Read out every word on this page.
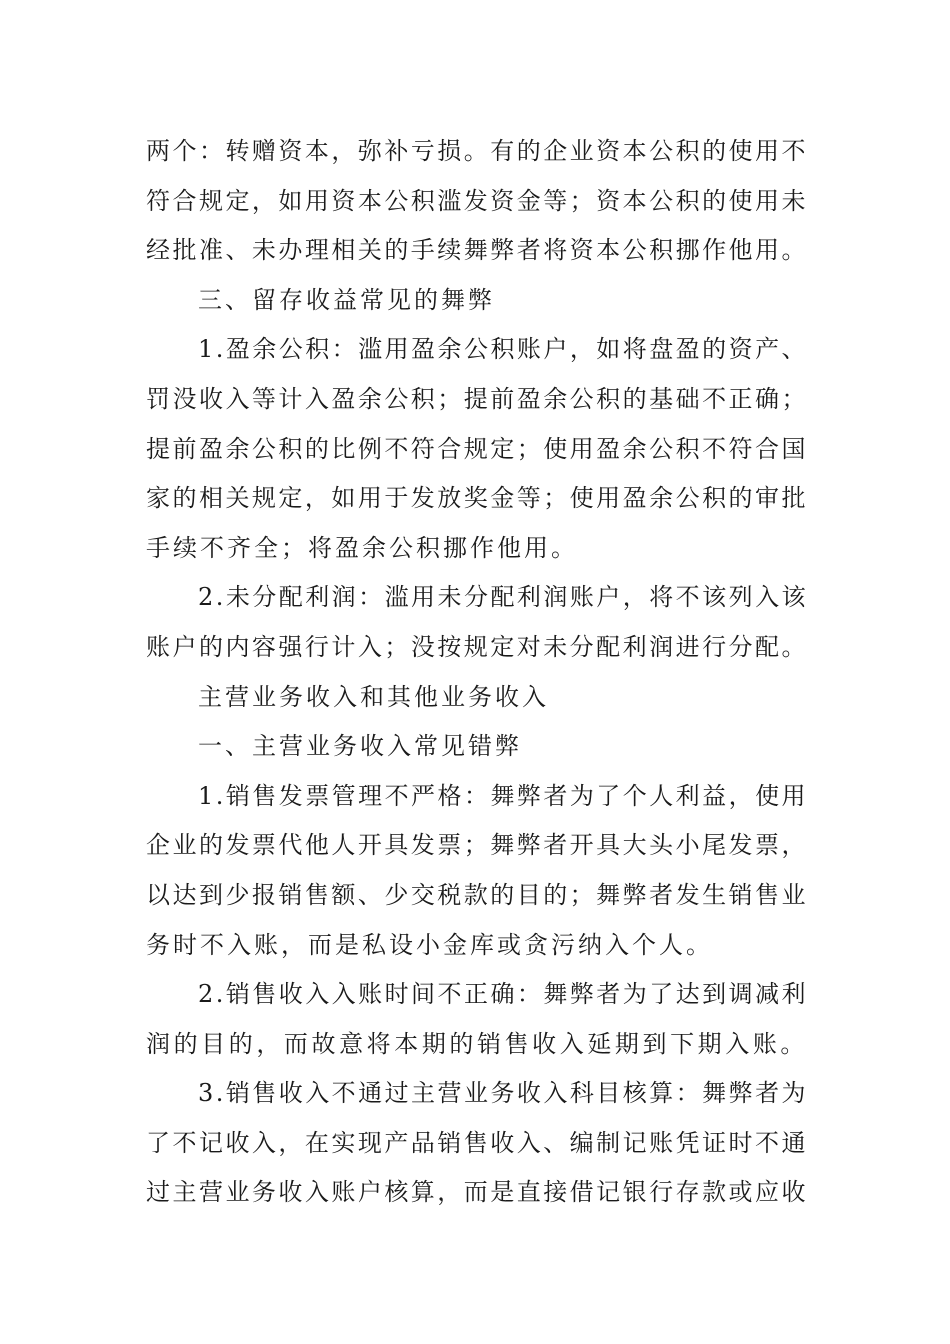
两个：转赠资本，弥补亏损。有的企业资本公积的使用不
符合规定，如用资本公积滥发资金等；资本公积的使用未
经批准、未办理相关的手续舞弊者将资本公积挪作他用。
三、留存收益常见的舞弊
1.盈余公积：滥用盈余公积账户，如将盘盈的资产、
罚没收入等计入盈余公积；提前盈余公积的基础不正确；
提前盈余公积的比例不符合规定；使用盈余公积不符合国
家的相关规定，如用于发放奖金等；使用盈余公积的审批
手续不齐全；将盈余公积挪作他用。
2.未分配利润：滥用未分配利润账户，将不该列入该
账户的内容强行计入；没按规定对未分配利润进行分配。
主营业务收入和其他业务收入
一、主营业务收入常见错弊
1.销售发票管理不严格：舞弊者为了个人利益，使用
企业的发票代他人开具发票；舞弊者开具大头小尾发票，
以达到少报销售额、少交税款的目的；舞弊者发生销售业
务时不入账，而是私设小金库或贪污纳入个人。
2.销售收入入账时间不正确：舞弊者为了达到调减利
润的目的，而故意将本期的销售收入延期到下期入账。
3.销售收入不通过主营业务收入科目核算：舞弊者为
了不记收入，在实现产品销售收入、编制记账凭证时不通
过主营业务收入账户核算，而是直接借记银行存款或应收
